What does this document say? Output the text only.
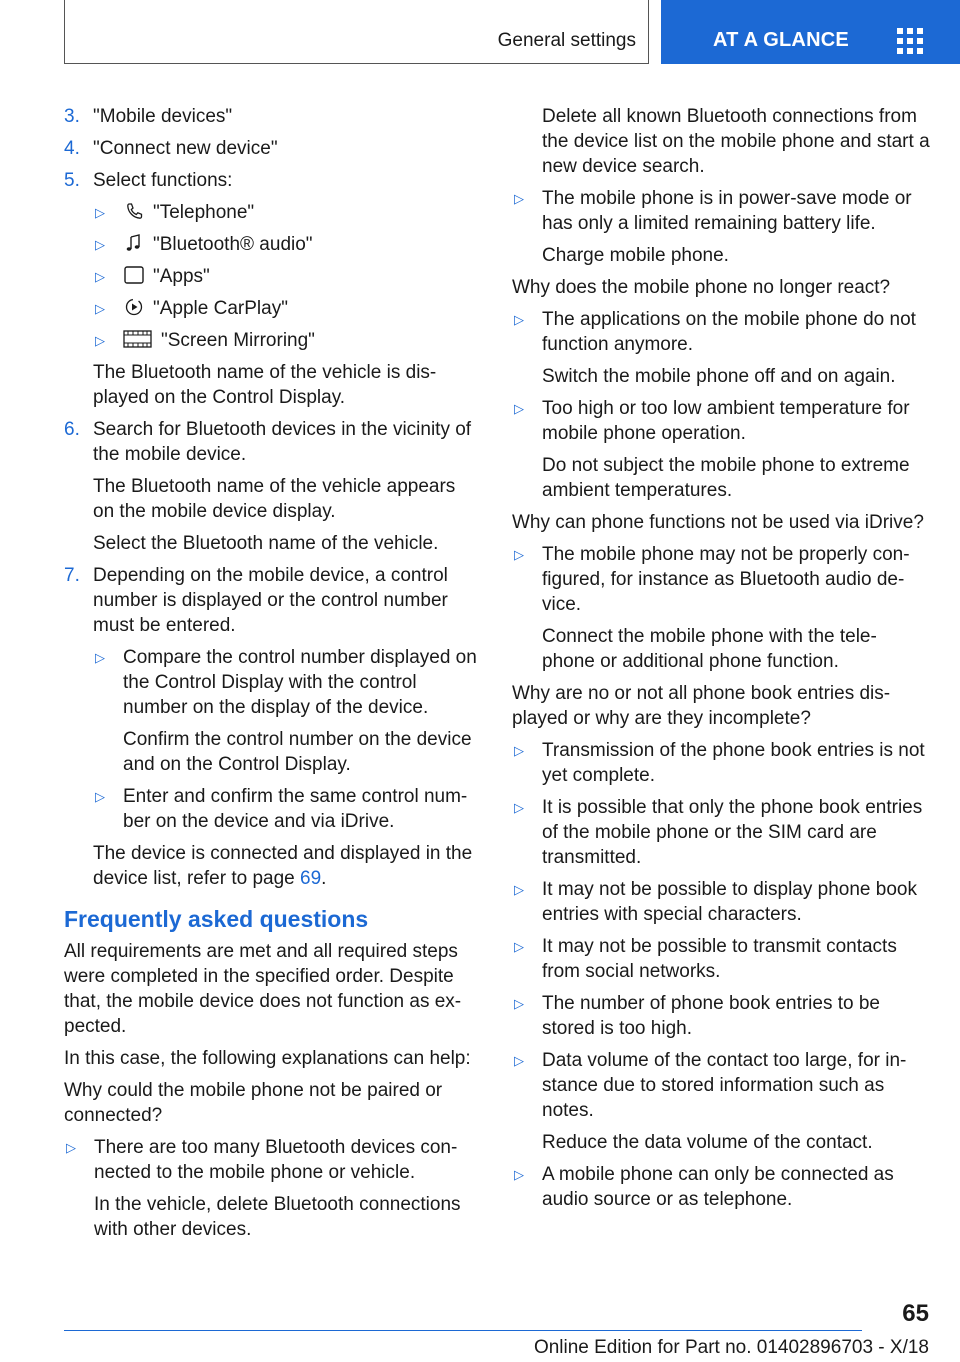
General settings	AT A GLANCE
3. "Mobile devices"
4. "Connect new device"
5. Select functions:
▷	"Telephone"
▷	"Bluetooth® audio"
▷	"Apps"
▷	"Apple CarPlay"
▷	"Screen Mirroring"

The Bluetooth name of the vehicle is dis‐ played on the Control Display.

6. Search for Bluetooth devices in the vicinity of the mobile device.

The Bluetooth name of the vehicle appears on the mobile device display.

Select the Bluetooth name of the vehicle.

7. Depending on the mobile device, a control number is displayed or the control number must be entered.

▷ Compare the control number displayed on the Control Display with the control number on the display of the device.

Confirm the control number on the device and on the Control Display.

▷ Enter and confirm the same control num‐ ber on the device and via iDrive.

The device is connected and displayed in the device list, refer to page 69.

Frequently asked questions

All requirements are met and all required steps were completed in the specified order. Despite that, the mobile device does not function as ex‐ pected.

In this case, the following explanations can help:

Why could the mobile phone not be paired or connected?

▷ There are too many Bluetooth devices con‐ nected to the mobile phone or vehicle.

In the vehicle, delete Bluetooth connections with other devices.

Delete all known Bluetooth connections from the device list on the mobile phone and start a new device search.

▷ The mobile phone is in power-save mode or has only a limited remaining battery life.

Charge mobile phone.

Why does the mobile phone no longer react?

▷ The applications on the mobile phone do not function anymore.

Switch the mobile phone off and on again.

▷ Too high or too low ambient temperature for mobile phone operation.

Do not subject the mobile phone to extreme ambient temperatures.

Why can phone functions not be used via iDrive?

▷ The mobile phone may not be properly con‐ figured, for instance as Bluetooth audio de‐ vice.

Connect the mobile phone with the tele‐ phone or additional phone function.

Why are no or not all phone book entries dis‐ played or why are they incomplete?

▷ Transmission of the phone book entries is not yet complete.

▷ It is possible that only the phone book entries of the mobile phone or the SIM card are transmitted.

▷ It may not be possible to display phone book entries with special characters.

▷ It may not be possible to transmit contacts from social networks.

▷ The number of phone book entries to be stored is too high.

▷ Data volume of the contact too large, for in‐ stance due to stored information such as notes.

Reduce the data volume of the contact.

▷ A mobile phone can only be connected as audio source or as telephone.

65
Online Edition for Part no. 01402896703 - X/18
